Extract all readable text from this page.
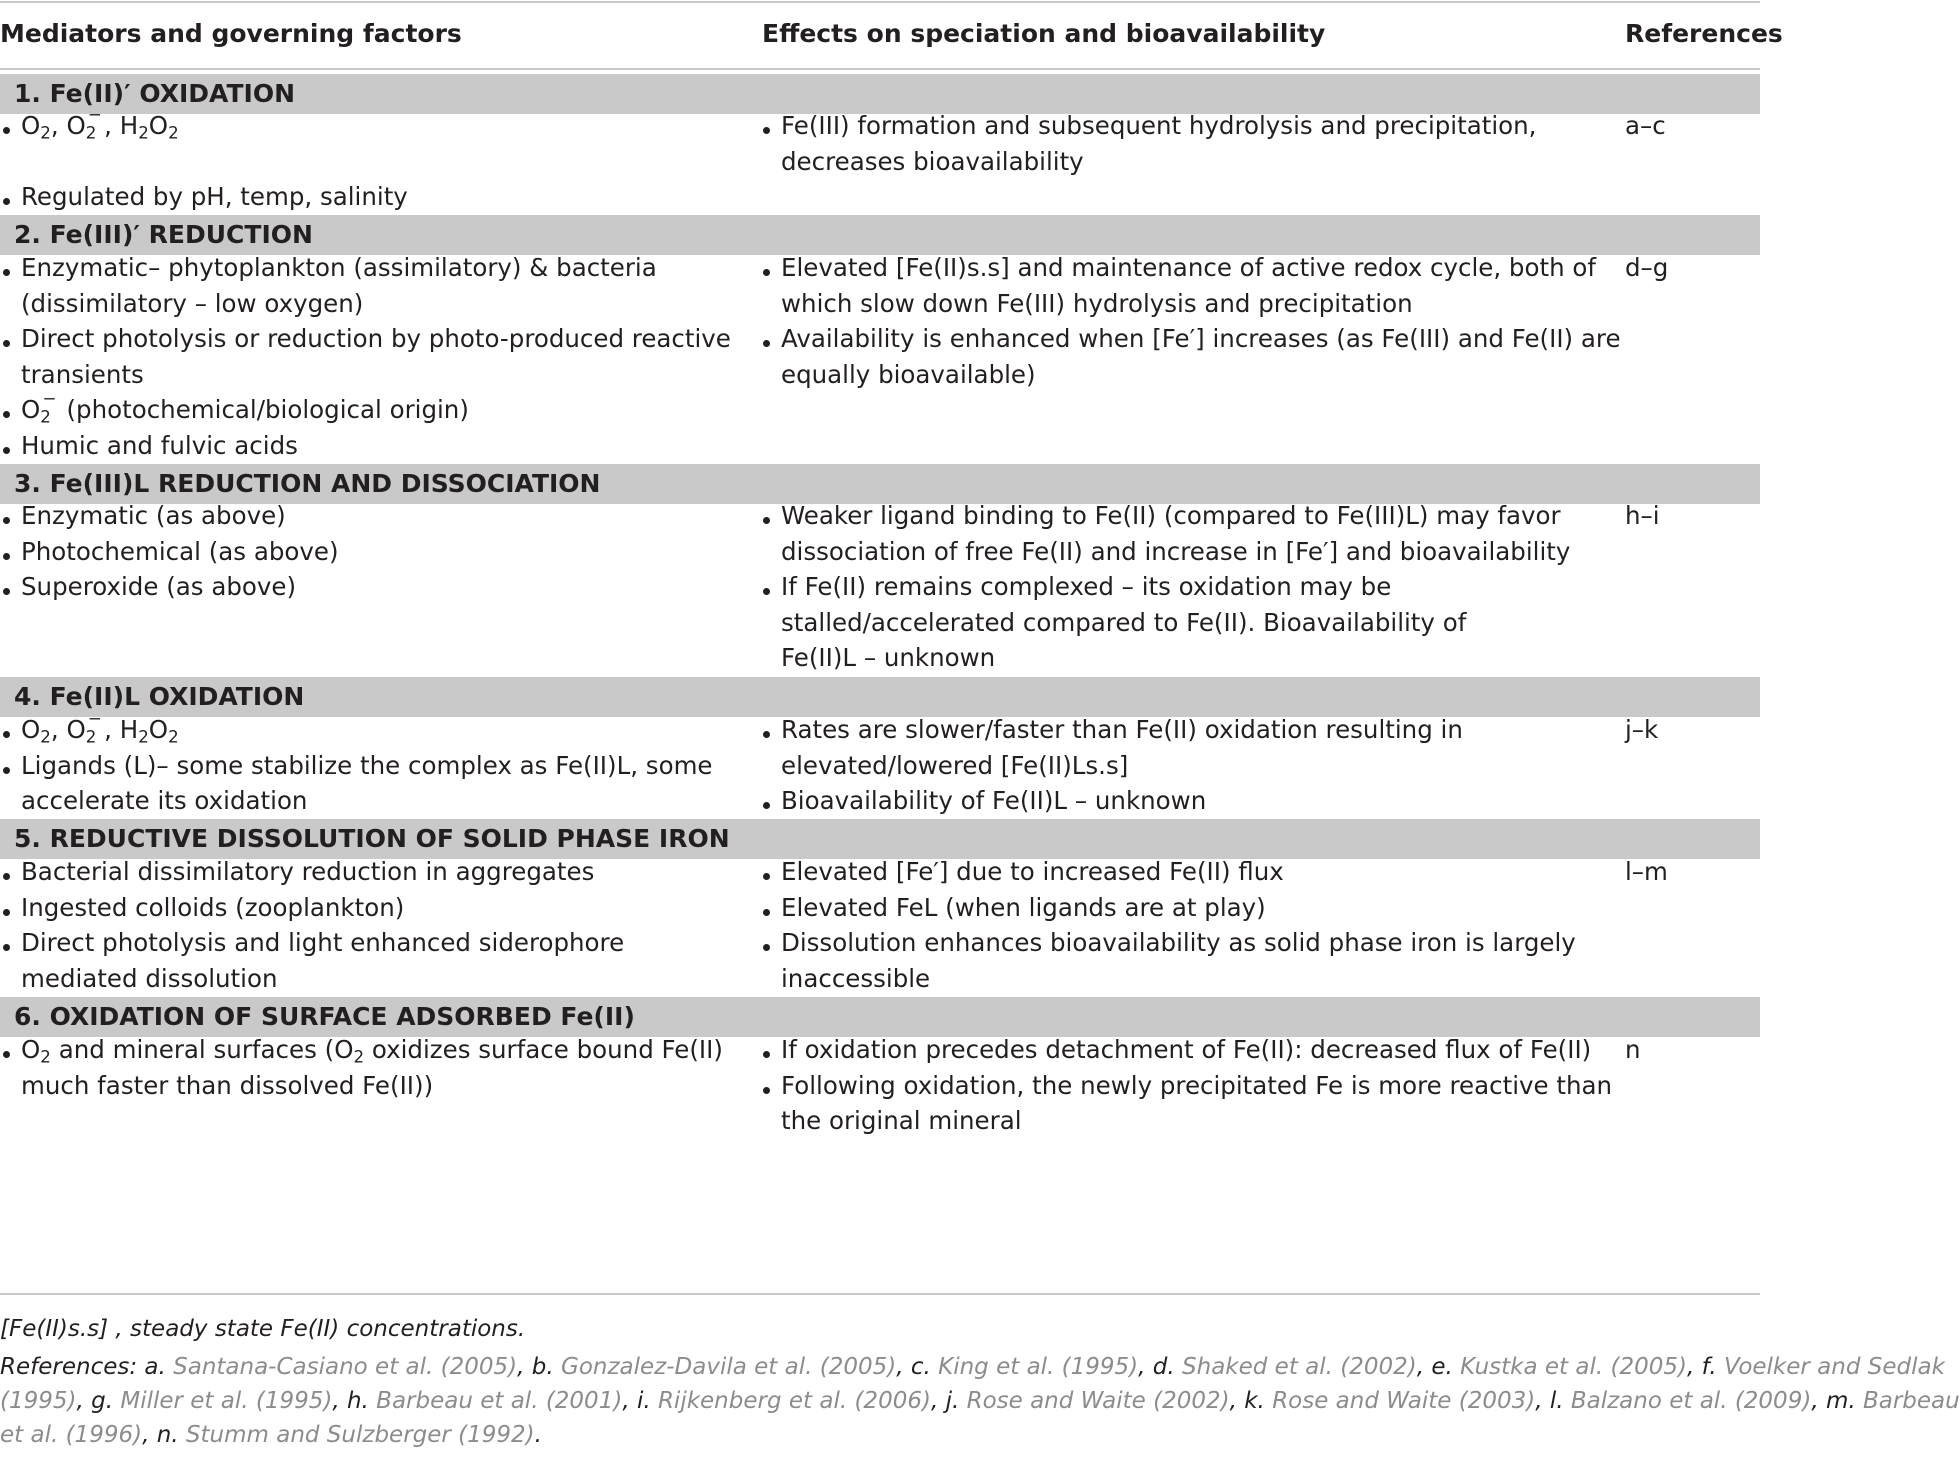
Mediators and governing factors	Effects on speciation and bioavailability	References
1. Fe(II)′ OXIDATION
$O_2$, O2
−
, $H_2O_2$
Regulated by pH, temp, salinity
Fe(III) formation and subsequent hydrolysis and precipitation,
decreases bioavailability
a–c
2. Fe(III)′ REDUCTION
Enzymatic– phytoplankton (assimilatory) & bacteria
(dissimilatory – low oxygen)
Direct photolysis or reduction by photo-produced reactive
transients
O2
−
(photochemical/biological origin)
Humic and fulvic acids
Elevated [Fe(II)s.s] and maintenance of active redox cycle, both of
which slow down Fe(III) hydrolysis and precipitation
Availability is enhanced when [Fe′] increases (as Fe(III) and Fe(II) are
equally bioavailable)
d–g
3. Fe(III)L REDUCTION AND DISSOCIATION
Enzymatic (as above)
Photochemical (as above)
Superoxide (as above)
Weaker ligand binding to Fe(II) (compared to Fe(III)L) may favor
dissociation of free Fe(II) and increase in [Fe′] and bioavailability
If Fe(II) remains complexed – its oxidation may be
stalled/accelerated compared to Fe(II). Bioavailability of
Fe(II)L – unknown
h–i
4. Fe(II)L OXIDATION
$O_2$, O2
−
, $H_2O_2$
Ligands (L)– some stabilize the complex as Fe(II)L, some
accelerate its oxidation
Rates are slower/faster than Fe(II) oxidation resulting in
elevated/lowered [Fe(II)Ls.s]
Bioavailability of Fe(II)L – unknown
j–k
5. REDUCTIVE DISSOLUTION OF SOLID PHASE IRON
Bacterial dissimilatory reduction in aggregates
Ingested colloids (zooplankton)
Direct photolysis and light enhanced siderophore
mediated dissolution
Elevated [Fe′] due to increased Fe(II) flux
Elevated FeL (when ligands are at play)
Dissolution enhances bioavailability as solid phase iron is largely
inaccessible
l–m
6. OXIDATION OF SURFACE ADSORBED Fe(II)
$O_2$ and mineral surfaces ($O_2$ oxidizes surface bound Fe(II)
much faster than dissolved Fe(II))
If oxidation precedes detachment of Fe(II): decreased flux of Fe(II)
Following oxidation, the newly precipitated Fe is more reactive than
the original mineral
n
[Fe(II)s.s] , steady state Fe(II) concentrations.
References: a. Santana-Casiano et al. (2005), b. Gonzalez-Davila et al. (2005), c. King et al. (1995), d. Shaked et al. (2002), e. Kustka et al. (2005), f. Voelker and Sedlak
(1995), g. Miller et al. (1995), h. Barbeau et al. (2001), i. Rijkenberg et al. (2006), j. Rose and Waite (2002), k. Rose and Waite (2003), l. Balzano et al. (2009), m. Barbeau
et al. (1996), n. Stumm and Sulzberger (1992).
